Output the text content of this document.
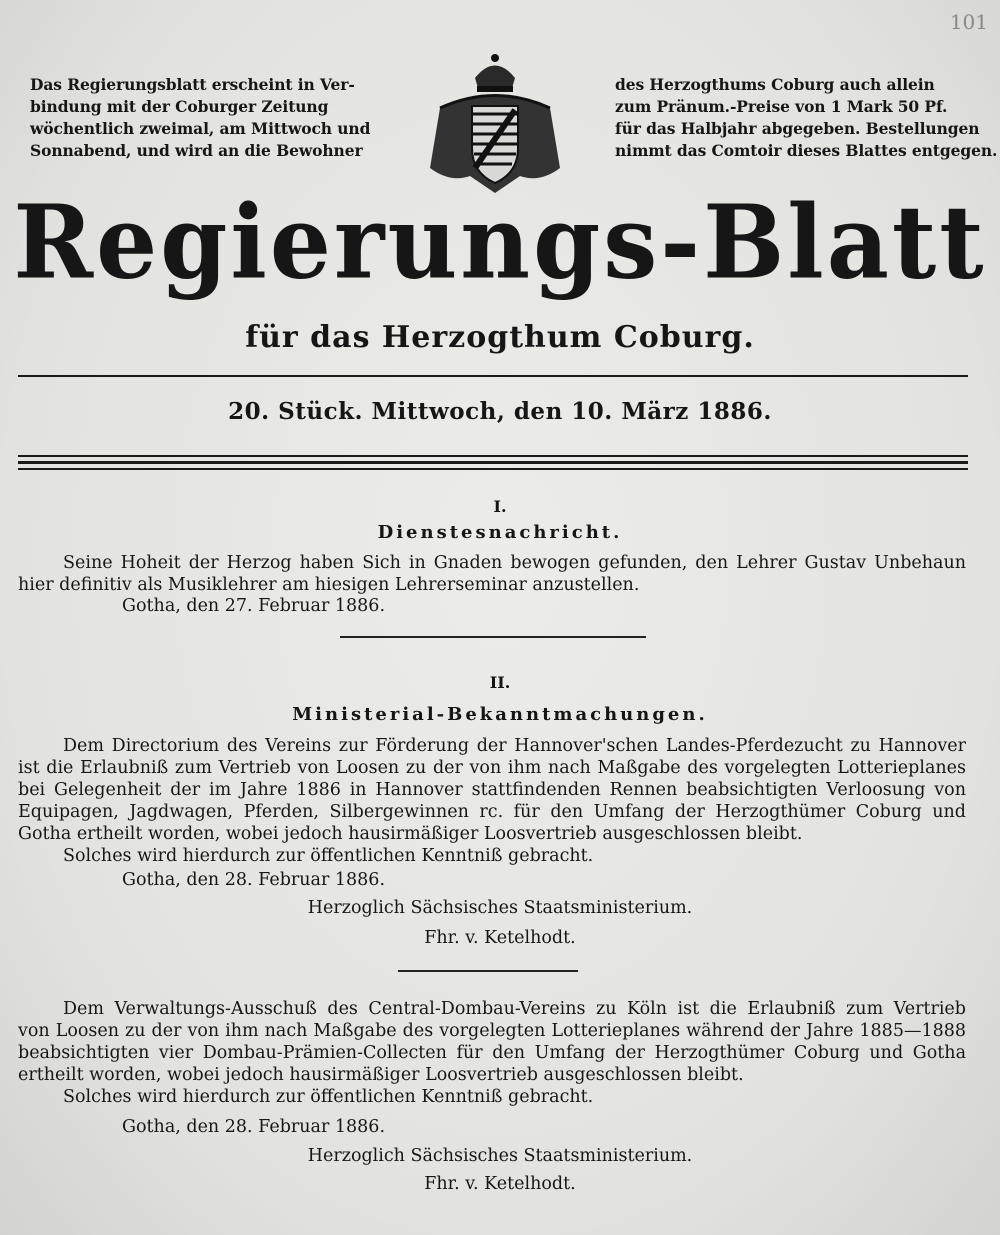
101
Das Regierungsblatt erscheint in Ver-
bindung mit der Coburger Zeitung
wöchentlich zweimal, am Mittwoch und
Sonnabend, und wird an die Bewohner
des Herzogthums Coburg auch allein
zum Pränum.-Preise von 1 Mark 50 Pf.
für das Halbjahr abgegeben. Bestellungen
nimmt das Comtoir dieses Blattes entgegen.
Regierungs-Blatt
für das Herzogthum Coburg.
20. Stück. Mittwoch, den 10. März 1886.
I.
Dienstesnachricht.
Seine Hoheit der Herzog haben Sich in Gnaden bewogen gefunden, den Lehrer Gustav Unbehaun
hier definitiv als Musiklehrer am hiesigen Lehrerseminar anzustellen.
Gotha, den 27. Februar 1886.
II.
Ministerial-Bekanntmachungen.
Dem Directorium des Vereins zur Förderung der Hannover'schen Landes-Pferdezucht zu Hannover
ist die Erlaubniß zum Vertrieb von Loosen zu der von ihm nach Maßgabe des vorgelegten Lotterieplanes
bei Gelegenheit der im Jahre 1886 in Hannover stattfindenden Rennen beabsichtigten Verloosung von
Equipagen, Jagdwagen, Pferden, Silbergewinnen rc. für den Umfang der Herzogthümer Coburg und
Gotha ertheilt worden, wobei jedoch hausirmäßiger Loosvertrieb ausgeschlossen bleibt.
Solches wird hierdurch zur öffentlichen Kenntniß gebracht.
Gotha, den 28. Februar 1886.
Herzoglich Sächsisches Staatsministerium.
Fhr. v. Ketelhodt.
Dem Verwaltungs-Ausschuß des Central-Dombau-Vereins zu Köln ist die Erlaubniß zum Vertrieb
von Loosen zu der von ihm nach Maßgabe des vorgelegten Lotterieplanes während der Jahre 1885—1888
beabsichtigten vier Dombau-Prämien-Collecten für den Umfang der Herzogthümer Coburg und Gotha
ertheilt worden, wobei jedoch hausirmäßiger Loosvertrieb ausgeschlossen bleibt.
Solches wird hierdurch zur öffentlichen Kenntniß gebracht.
Gotha, den 28. Februar 1886.
Herzoglich Sächsisches Staatsministerium.
Fhr. v. Ketelhodt.
